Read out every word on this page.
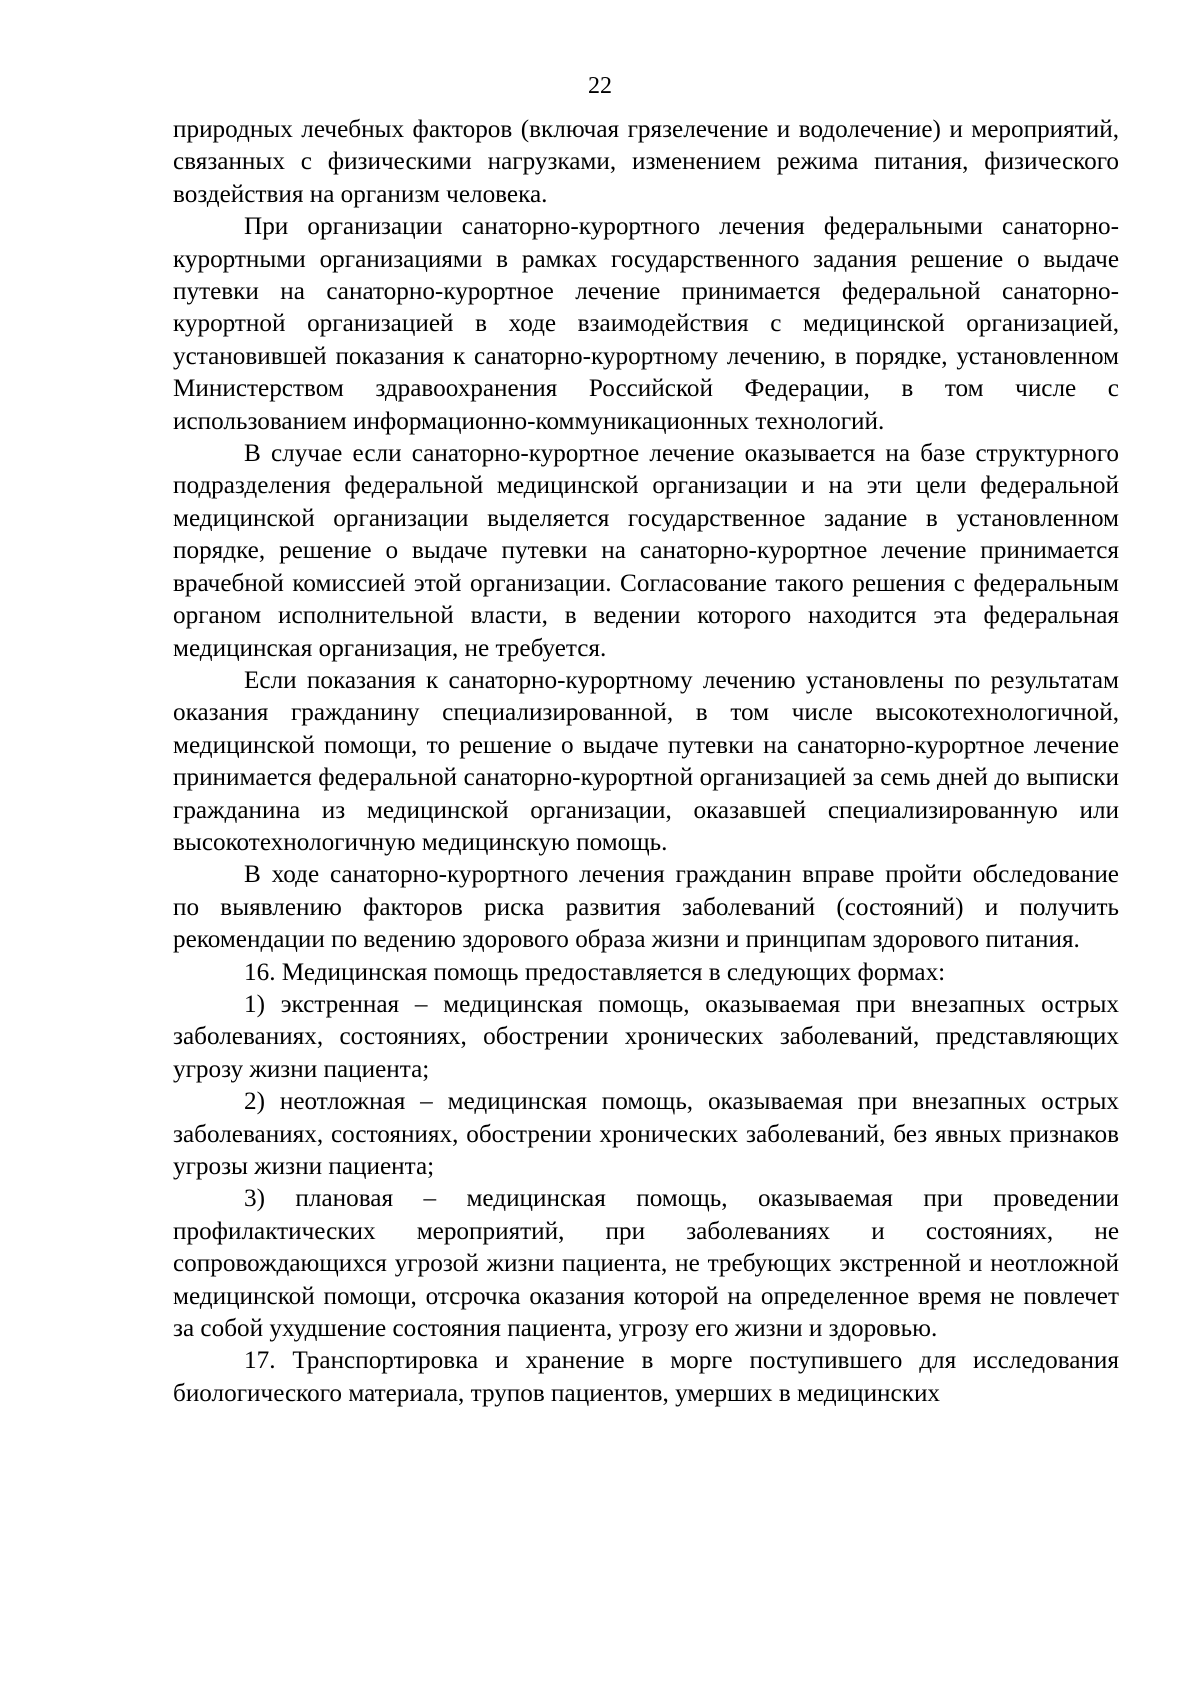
22

природных лечебных факторов (включая грязелечение и водолечение) и мероприятий, связанных с физическими нагрузками, изменением режима питания, физического воздействия на организм человека.

При организации санаторно-курортного лечения федеральными санаторно-курортными организациями в рамках государственного задания решение о выдаче путевки на санаторно-курортное лечение принимается федеральной санаторно-курортной организацией в ходе взаимодействия с медицинской организацией, установившей показания к санаторно-курортному лечению, в порядке, установленном Министерством здравоохранения Российской Федерации, в том числе с использованием информационно-коммуникационных технологий.

В случае если санаторно-курортное лечение оказывается на базе структурного подразделения федеральной медицинской организации и на эти цели федеральной медицинской организации выделяется государственное задание в установленном порядке, решение о выдаче путевки на санаторно-курортное лечение принимается врачебной комиссией этой организации. Согласование такого решения с федеральным органом исполнительной власти, в ведении которого находится эта федеральная медицинская организация, не требуется.

Если показания к санаторно-курортному лечению установлены по результатам оказания гражданину специализированной, в том числе высокотехнологичной, медицинской помощи, то решение о выдаче путевки на санаторно-курортное лечение принимается федеральной санаторно-курортной организацией за семь дней до выписки гражданина из медицинской организации, оказавшей специализированную или высокотехнологичную медицинскую помощь.

В ходе санаторно-курортного лечения гражданин вправе пройти обследование по выявлению факторов риска развития заболеваний (состояний) и получить рекомендации по ведению здорового образа жизни и принципам здорового питания.

16. Медицинская помощь предоставляется в следующих формах:

1) экстренная – медицинская помощь, оказываемая при внезапных острых заболеваниях, состояниях, обострении хронических заболеваний, представляющих угрозу жизни пациента;

2) неотложная – медицинская помощь, оказываемая при внезапных острых заболеваниях, состояниях, обострении хронических заболеваний, без явных признаков угрозы жизни пациента;

3) плановая – медицинская помощь, оказываемая при проведении профилактических мероприятий, при заболеваниях и состояниях, не сопровождающихся угрозой жизни пациента, не требующих экстренной и неотложной медицинской помощи, отсрочка оказания которой на определенное время не повлечет за собой ухудшение состояния пациента, угрозу его жизни и здоровью.

17. Транспортировка и хранение в морге поступившего для исследования биологического материала, трупов пациентов, умерших в медицинских
